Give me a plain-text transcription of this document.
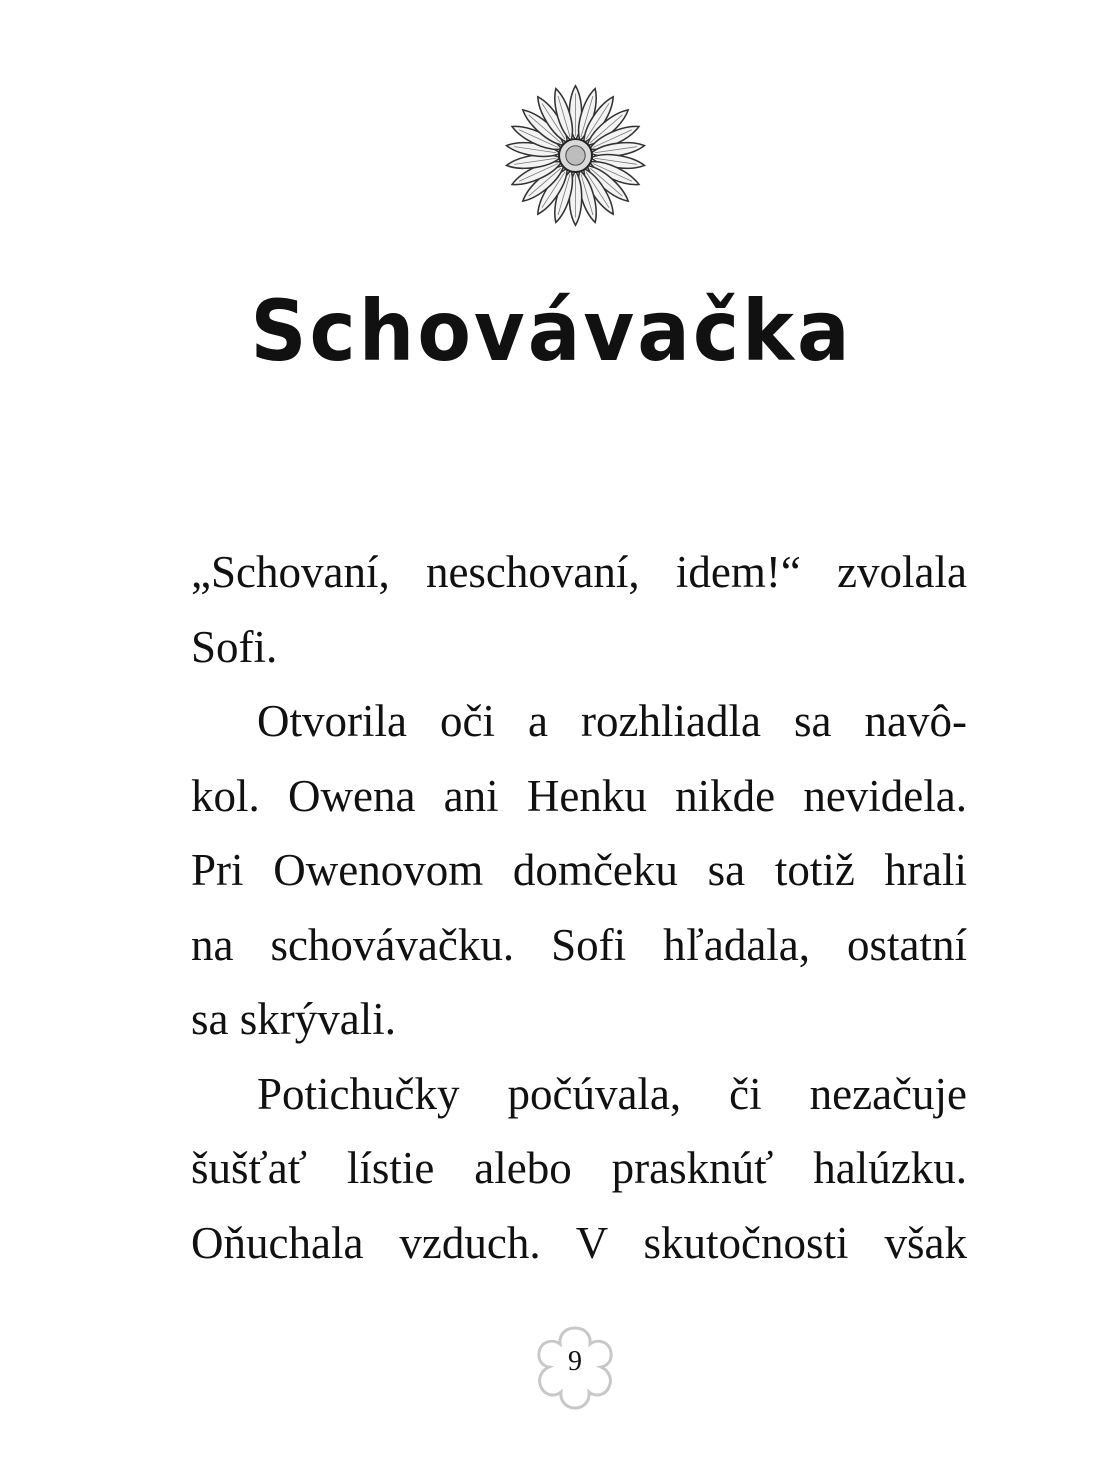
Schovávačka
„Schovaní, neschovaní, idem!“ zvolala
Sofi.
Otvorila oči a rozhliadla sa navô-
kol. Owena ani Henku nikde nevidela.
Pri Owenovom domčeku sa totiž hrali
na schovávačku. Sofi hľadala, ostatní
sa skrývali.
Potichučky počúvala, či nezačuje
šušťať lístie alebo prasknúť halúzku.
Oňuchala vzduch. V skutočnosti však
9
